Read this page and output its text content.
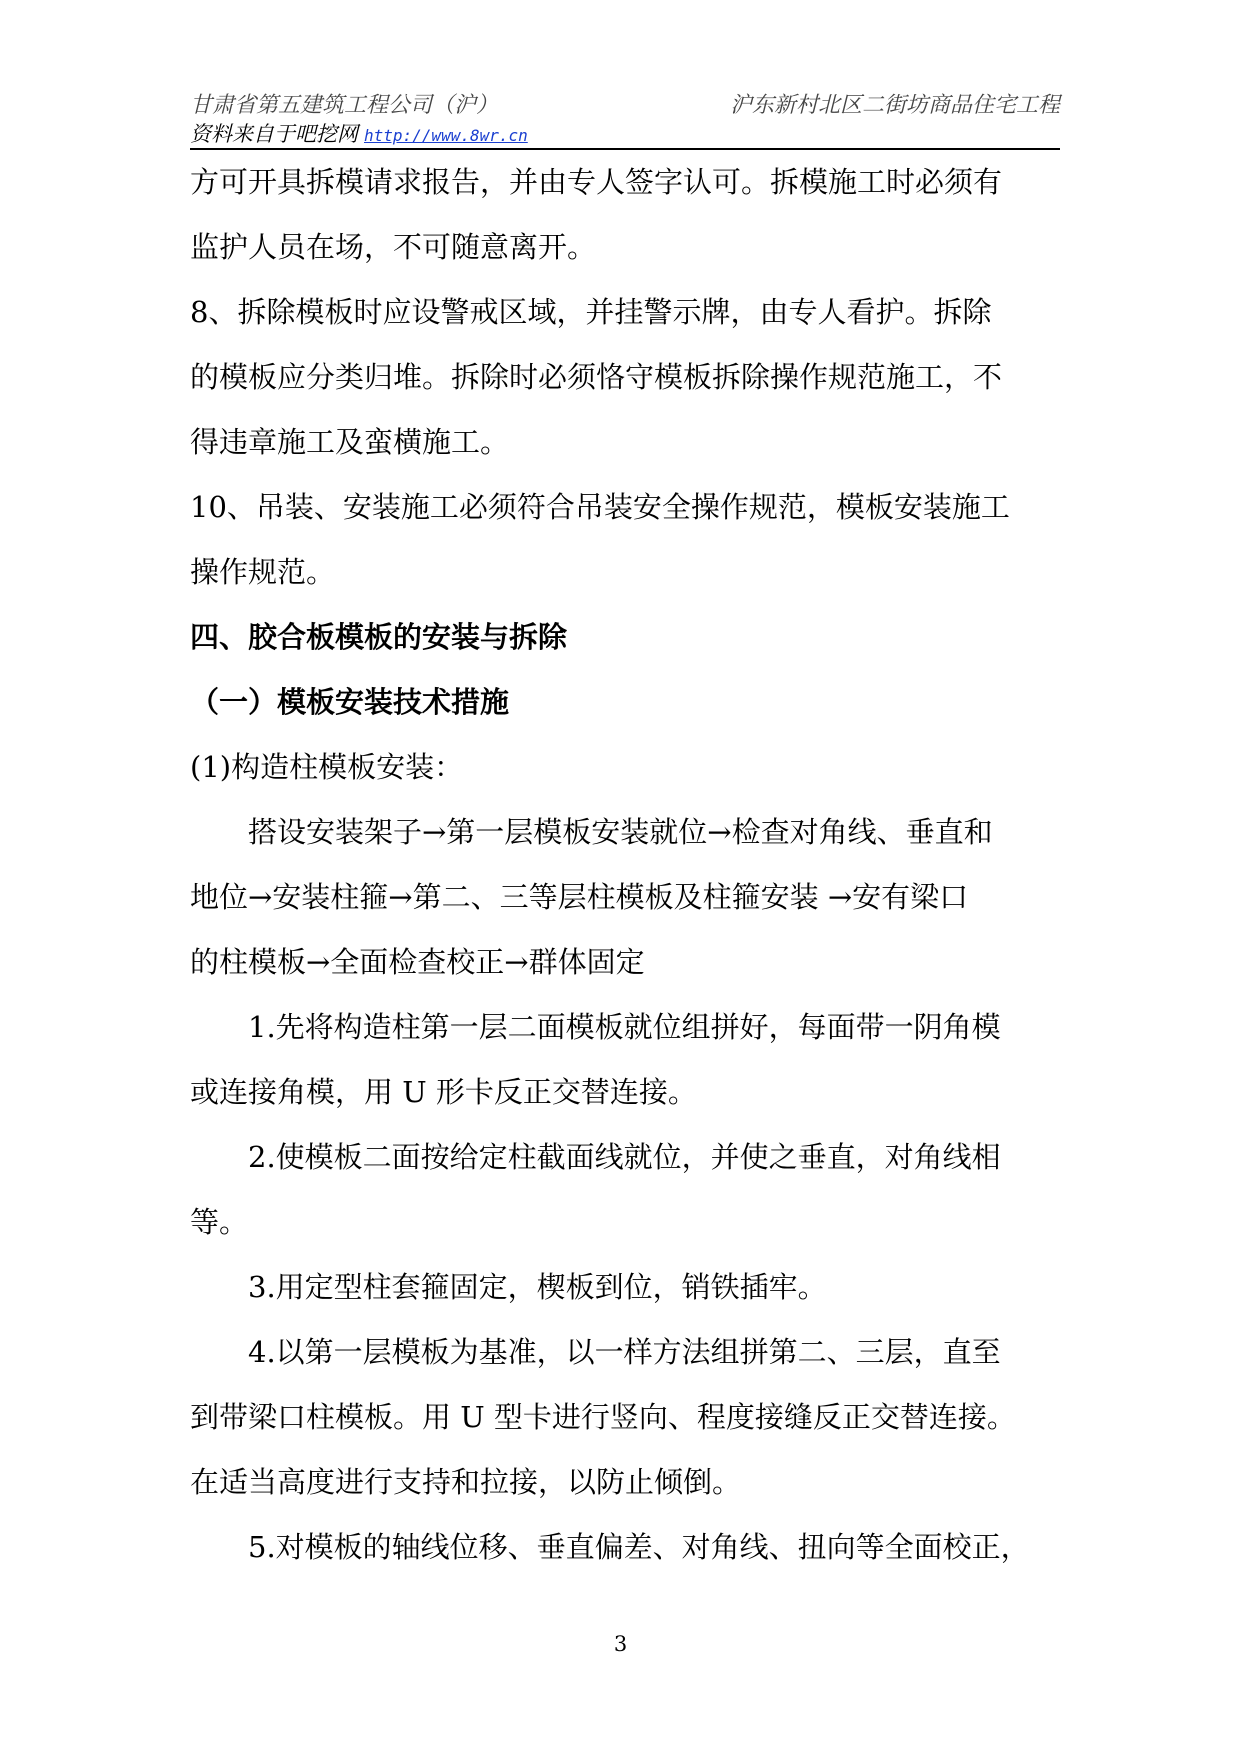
甘肃省第五建筑工程公司（沪）	沪东新村北区二街坊商品住宅工程
资料来自于吧挖网 http://www.8wr.cn
方可开具拆模请求报告，并由专人签字认可。拆模施工时必须有
监护人员在场，不可随意离开。
8、拆除模板时应设警戒区域，并挂警示牌，由专人看护。拆除
的模板应分类归堆。拆除时必须恪守模板拆除操作规范施工，不
得违章施工及蛮横施工。
10、吊装、安装施工必须符合吊装安全操作规范，模板安装施工
操作规范。
四、胶合板模板的安装与拆除
（一）模板安装技术措施
(1)构造柱模板安装：
搭设安装架子→第一层模板安装就位→检查对角线、垂直和
地位→安装柱箍→第二、三等层柱模板及柱箍安装 →安有梁口
的柱模板→全面检查校正→群体固定
1.先将构造柱第一层二面模板就位组拼好，每面带一阴角模
或连接角模，用 U 形卡反正交替连接。
2.使模板二面按给定柱截面线就位，并使之垂直，对角线相
等。
3.用定型柱套箍固定，楔板到位，销铁插牢。
4.以第一层模板为基准，以一样方法组拼第二、三层，直至
到带梁口柱模板。用 U 型卡进行竖向、程度接缝反正交替连接。
在适当高度进行支持和拉接，以防止倾倒。
5.对模板的轴线位移、垂直偏差、对角线、扭向等全面校正，
3
